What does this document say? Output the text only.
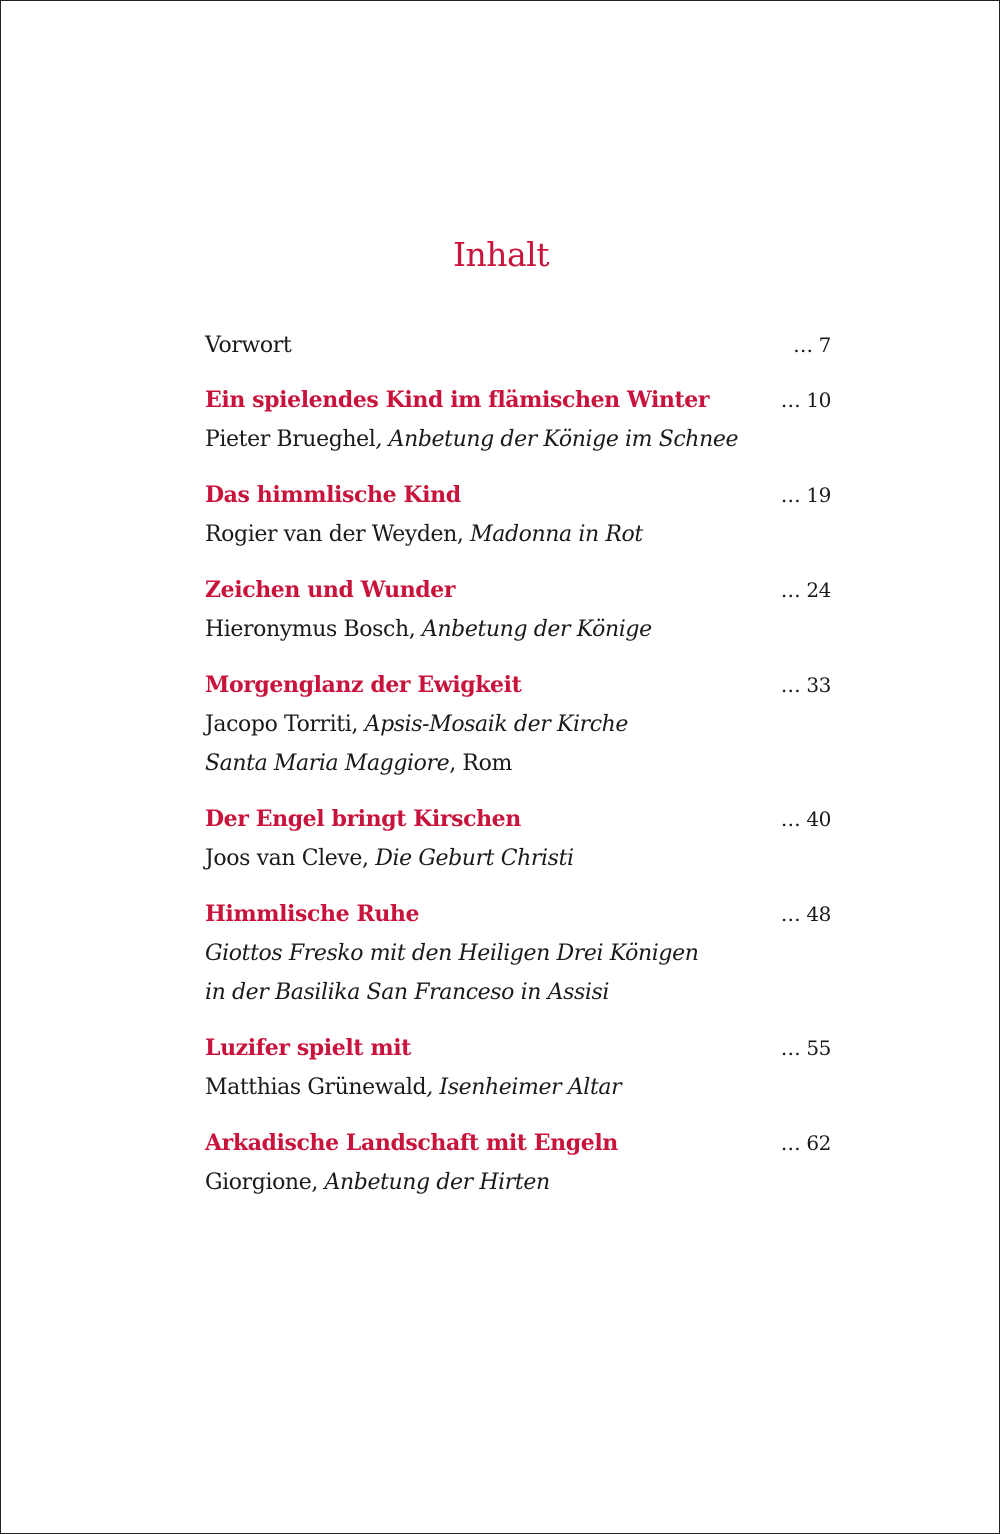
Inhalt
Vorwort	… 7
Ein spielendes Kind im flämischen Winter	… 10
Pieter Brueghel, Anbetung der Könige im Schnee
Das himmlische Kind	… 19
Rogier van der Weyden, Madonna in Rot
Zeichen und Wunder	… 24
Hieronymus Bosch, Anbetung der Könige
Morgenglanz der Ewigkeit	… 33
Jacopo Torriti, Apsis-Mosaik der Kirche
Santa Maria Maggiore, Rom
Der Engel bringt Kirschen	… 40
Joos van Cleve, Die Geburt Christi
Himmlische Ruhe	… 48
Giottos Fresko mit den Heiligen Drei Königen
in der Basilika San Franceso in Assisi
Luzifer spielt mit	… 55
Matthias Grünewald, Isenheimer Altar
Arkadische Landschaft mit Engeln	… 62
Giorgione, Anbetung der Hirten
